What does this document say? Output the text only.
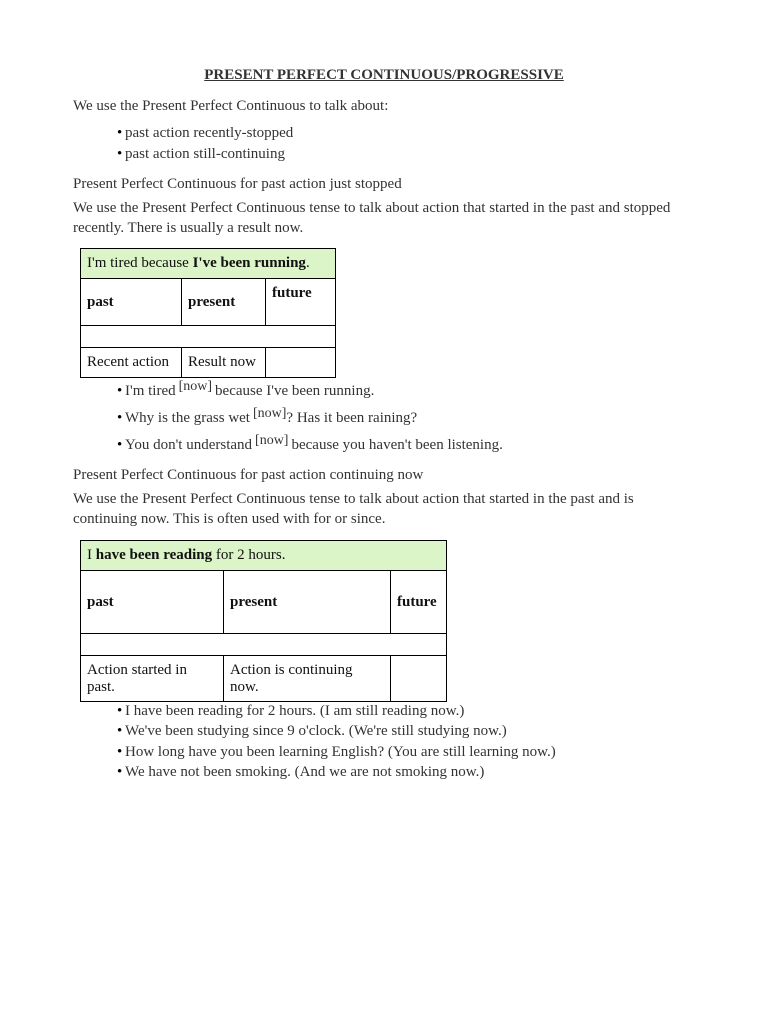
PRESENT PERFECT CONTINUOUS/PROGRESSIVE
We use the Present Perfect Continuous to talk about:
• past action recently-stopped
• past action still-continuing
Present Perfect Continuous for past action just stopped
We use the Present Perfect Continuous tense to talk about action that started in the past and stopped recently. There is usually a result now.
I'm tired because I've been running.		
past	present	future

Recent action	Result now	
• I'm tired [now] because I've been running.
• Why is the grass wet [now]? Has it been raining?
• You don't understand [now] because you haven't been listening.
Present Perfect Continuous for past action continuing now
We use the Present Perfect Continuous tense to talk about action that started in the past and is continuing now. This is often used with for or since.
I have been reading for 2 hours.		
past	present	future

Action started in past.	Action is continuing now.	
• I have been reading for 2 hours. (I am still reading now.)
• We've been studying since 9 o'clock. (We're still studying now.)
• How long have you been learning English? (You are still learning now.)
• We have not been smoking. (And we are not smoking now.)
